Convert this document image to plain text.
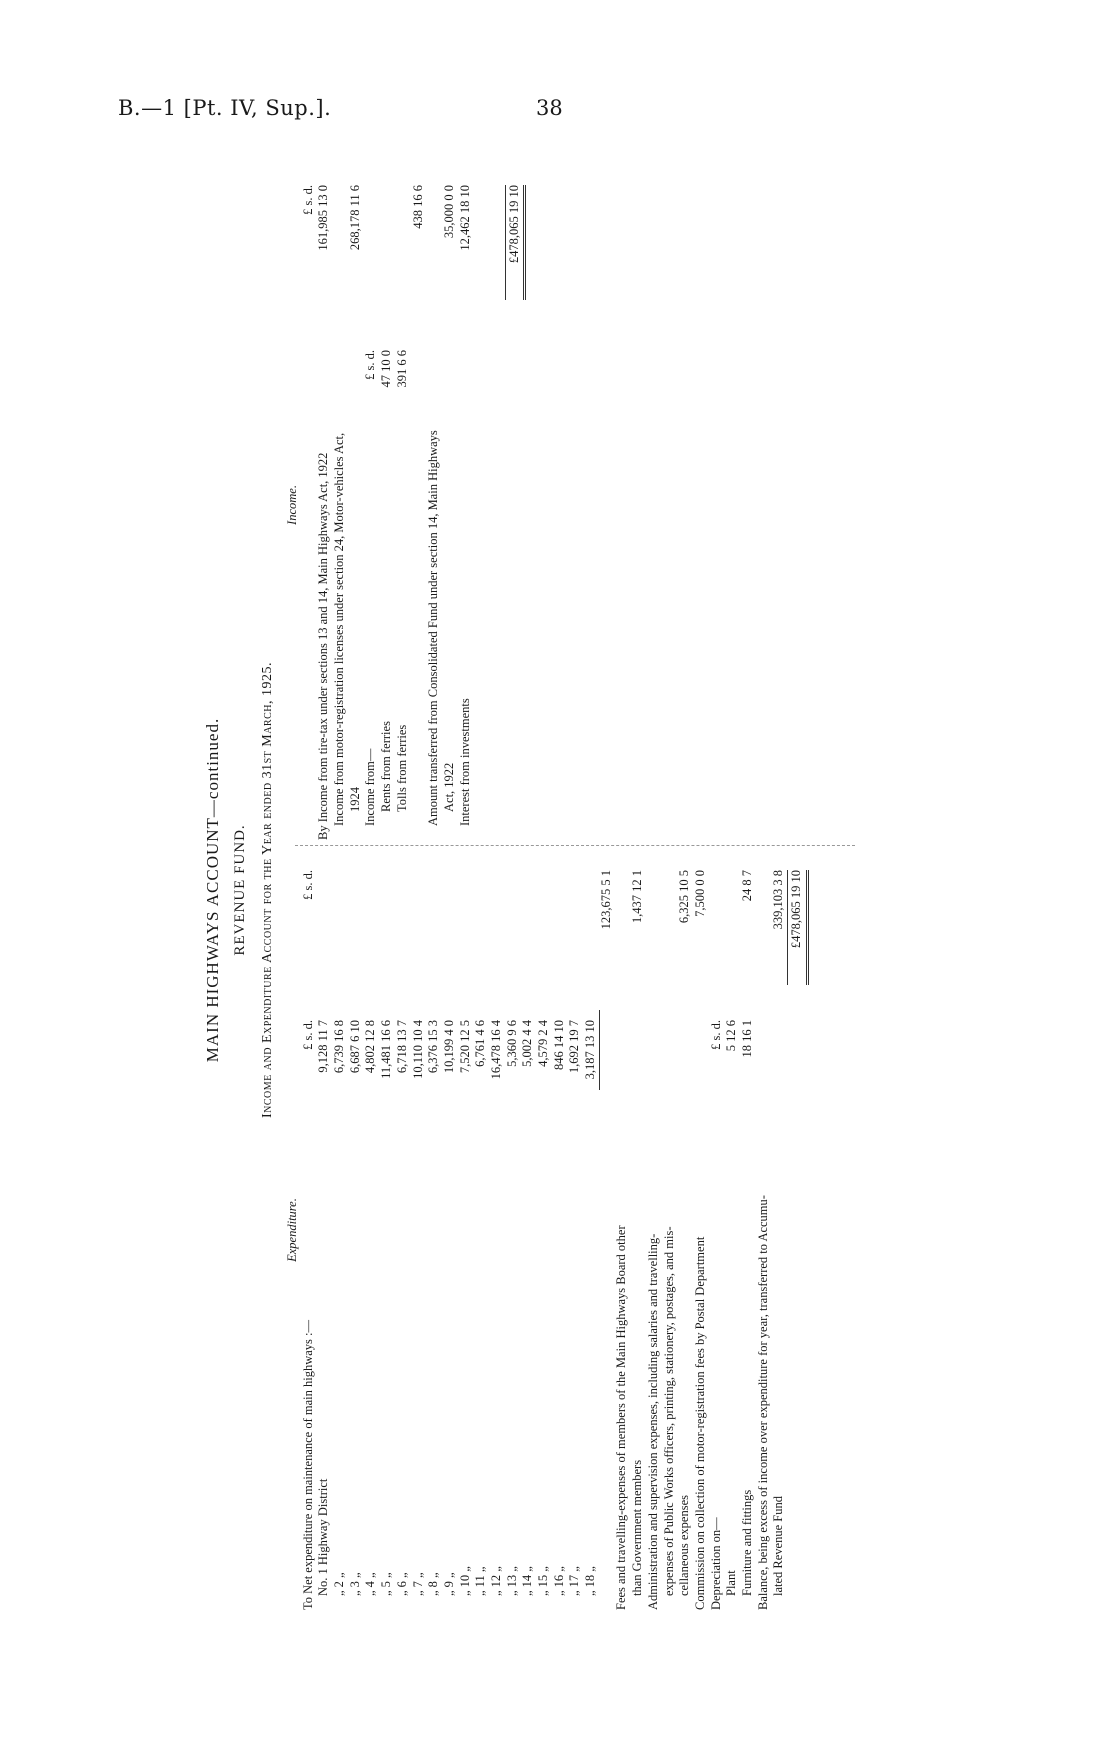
B.—1 [Pt. IV, Sup.].	38
MAIN HIGHWAYS ACCOUNT—continued. REVENUE FUND. Income and Expenditure Account for the Year ended 31st March, 1925.
Expenditure.
To Net expenditure on maintenance of main highways :—
£ s. d.
£ s. d.
No. 1 Highway District
9,128 11 7
„ 2 „
6,739 16 8
„ 3 „
6,687 6 10
„ 4 „
4,802 12 8
„ 5 „
11,481 16 6
„ 6 „
6,718 13 7
„ 7 „
10,110 10 4
„ 8 „
6,376 15 3
„ 9 „
10,199 4 0
„ 10 „
7,520 12 5
„ 11 „
6,761 4 6
„ 12 „
16,478 16 4
„ 13 „
5,360 9 6
„ 14 „
5,002 4 4
„ 15 „
4,579 2 4
„ 16 „
846 14 10
„ 17 „
1,692 19 7
„ 18 „
3,187 13 10
123,675 5 1
Fees and travelling-expenses of members of the Main Highways Board other than Government members
1,437 12 1
Administration and supervision expenses, including salaries and travelling- expenses of Public Works officers, printing, stationery, postages, and mis- cellaneous expenses
6,325 10 5
Commission on collection of motor-registration fees by Postal Department
7,500 0 0
Depreciation on—
£ s. d.
Plant
5 12 6
Furniture and fittings
18 16 1
24 8 7
Balance, being excess of income over expenditure for year, transferred to Accumu- lated Revenue Fund
339,103 3 8 £478,065 19 10
Income.
£ s. d.
By Income from tire-tax under sections 13 and 14, Main Highways Act, 1922
161,985 13 0
Income from motor-registration licenses under section 24, Motor-vehicles Act, 1924
268,178 11 6
Income from—
£ s. d.
Rents from ferries
47 10 0
Tolls from ferries
391 6 6
438 16 6
Amount transferred from Consolidated Fund under section 14, Main Highways Act, 1922
35,000 0 0
Interest from investments
12,462 18 10	£478,065 19 10
